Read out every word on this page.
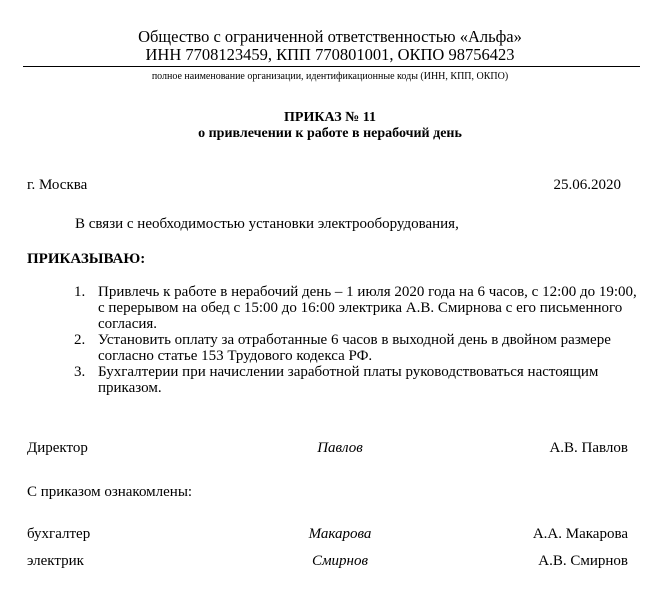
Общество с ограниченной ответственностью «Альфа»
ИНН 7708123459, КПП 770801001, ОКПО 98756423
полное наименование организации, идентификационные коды (ИНН, КПП, ОКПО)
ПРИКАЗ № 11
о привлечении к работе в нерабочий день
г. Москва	25.06.2020
В связи с необходимостью установки электрооборудования,
ПРИКАЗЫВАЮ:
1. Привлечь к работе в нерабочий день – 1 июля 2020 года на 6 часов, с 12:00 до 19:00, с перерывом на обед с 15:00 до 16:00 электрика А.В. Смирнова с его письменного согласия.
2. Установить оплату за отработанные 6 часов в выходной день в двойном размере согласно статье 153 Трудового кодекса РФ.
3. Бухгалтерии при начислении заработной платы руководствоваться настоящим приказом.
Директор	Павлов	А.В. Павлов
С приказом ознакомлены:
бухгалтер	Макарова	А.А. Макарова
электрик	Смирнов	А.В. Смирнов
